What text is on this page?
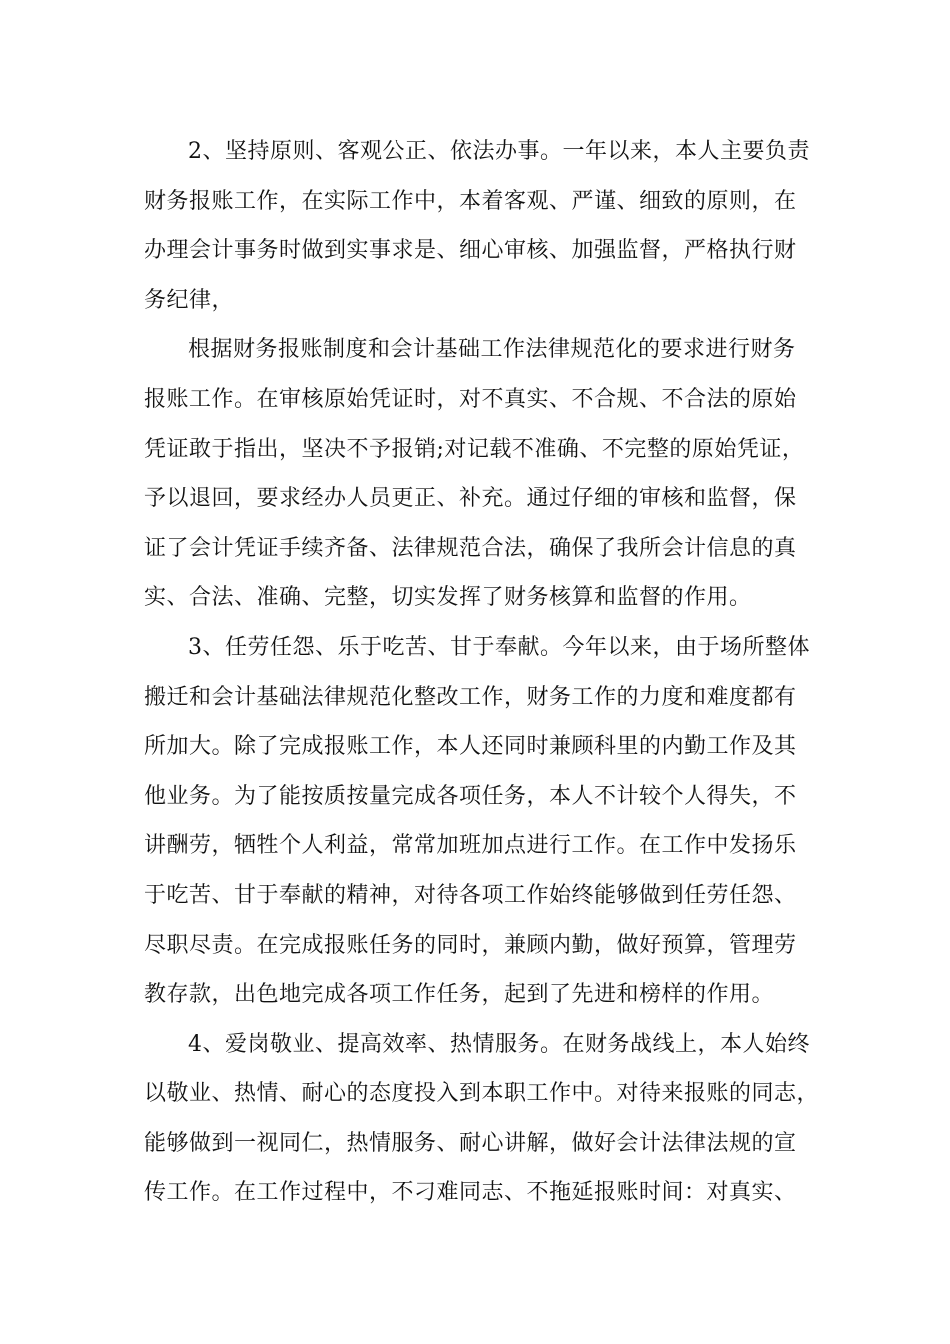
2、坚持原则、客观公正、依法办事。一年以来，本人主要负责
财务报账工作，在实际工作中，本着客观、严谨、细致的原则，在
办理会计事务时做到实事求是、细心审核、加强监督，严格执行财
务纪律，

根据财务报账制度和会计基础工作法律规范化的要求进行财务
报账工作。在审核原始凭证时，对不真实、不合规、不合法的原始
凭证敢于指出，坚决不予报销;对记载不准确、不完整的原始凭证，
予以退回，要求经办人员更正、补充。通过仔细的审核和监督，保
证了会计凭证手续齐备、法律规范合法，确保了我所会计信息的真
实、合法、准确、完整，切实发挥了财务核算和监督的作用。

3、任劳任怨、乐于吃苦、甘于奉献。今年以来，由于场所整体
搬迁和会计基础法律规范化整改工作，财务工作的力度和难度都有
所加大。除了完成报账工作，本人还同时兼顾科里的内勤工作及其
他业务。为了能按质按量完成各项任务，本人不计较个人得失，不
讲酬劳，牺牲个人利益，常常加班加点进行工作。在工作中发扬乐
于吃苦、甘于奉献的精神，对待各项工作始终能够做到任劳任怨、
尽职尽责。在完成报账任务的同时，兼顾内勤，做好预算，管理劳
教存款，出色地完成各项工作任务，起到了先进和榜样的作用。

4、爱岗敬业、提高效率、热情服务。在财务战线上，本人始终
以敬业、热情、耐心的态度投入到本职工作中。对待来报账的同志，
能够做到一视同仁，热情服务、耐心讲解，做好会计法律法规的宣
传工作。在工作过程中，不刁难同志、不拖延报账时间：对真实、
